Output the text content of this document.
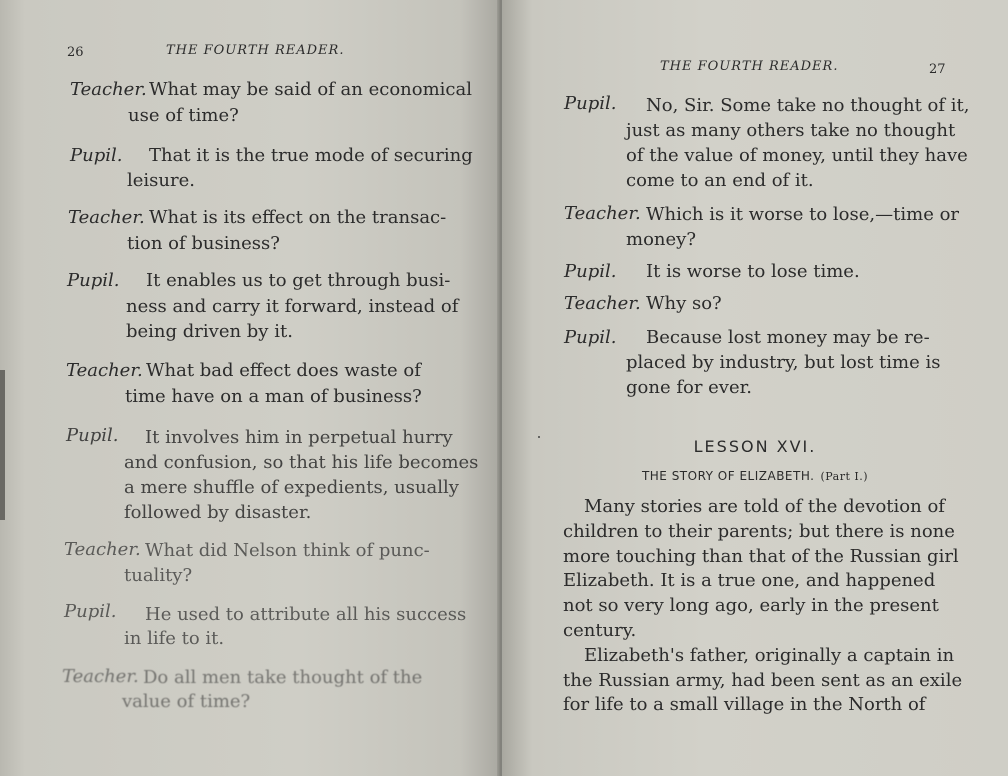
26	THE FOURTH READER.
Teacher. What may be said of an economical
use of time?
Pupil. That it is the true mode of securing
leisure.
Teacher. What is its effect on the transac-
tion of business?
Pupil. It enables us to get through busi-
ness and carry it forward, instead of
being driven by it.
Teacher. What bad effect does waste of
time have on a man of business?
Pupil. It involves him in perpetual hurry
and confusion, so that his life becomes
a mere shuffle of expedients, usually
followed by disaster.
Teacher. What did Nelson think of punc-
tuality?
Pupil. He used to attribute all his success
in life to it.
Teacher. Do all men take thought of the
value of time?
THE FOURTH READER.	27
Pupil. No, Sir. Some take no thought of it,
just as many others take no thought
of the value of money, until they have
come to an end of it.
Teacher. Which is it worse to lose,—time or
money?
Pupil. It is worse to lose time.
Teacher. Why so?
Pupil. Because lost money may be re-
placed by industry, but lost time is
gone for ever.
LESSON XVI.
THE STORY OF ELIZABETH. (Part I.)
Many stories are told of the devotion of
children to their parents; but there is none
more touching than that of the Russian girl
Elizabeth. It is a true one, and happened
not so very long ago, early in the present
century.
Elizabeth's father, originally a captain in
the Russian army, had been sent as an exile
for life to a small village in the North of
